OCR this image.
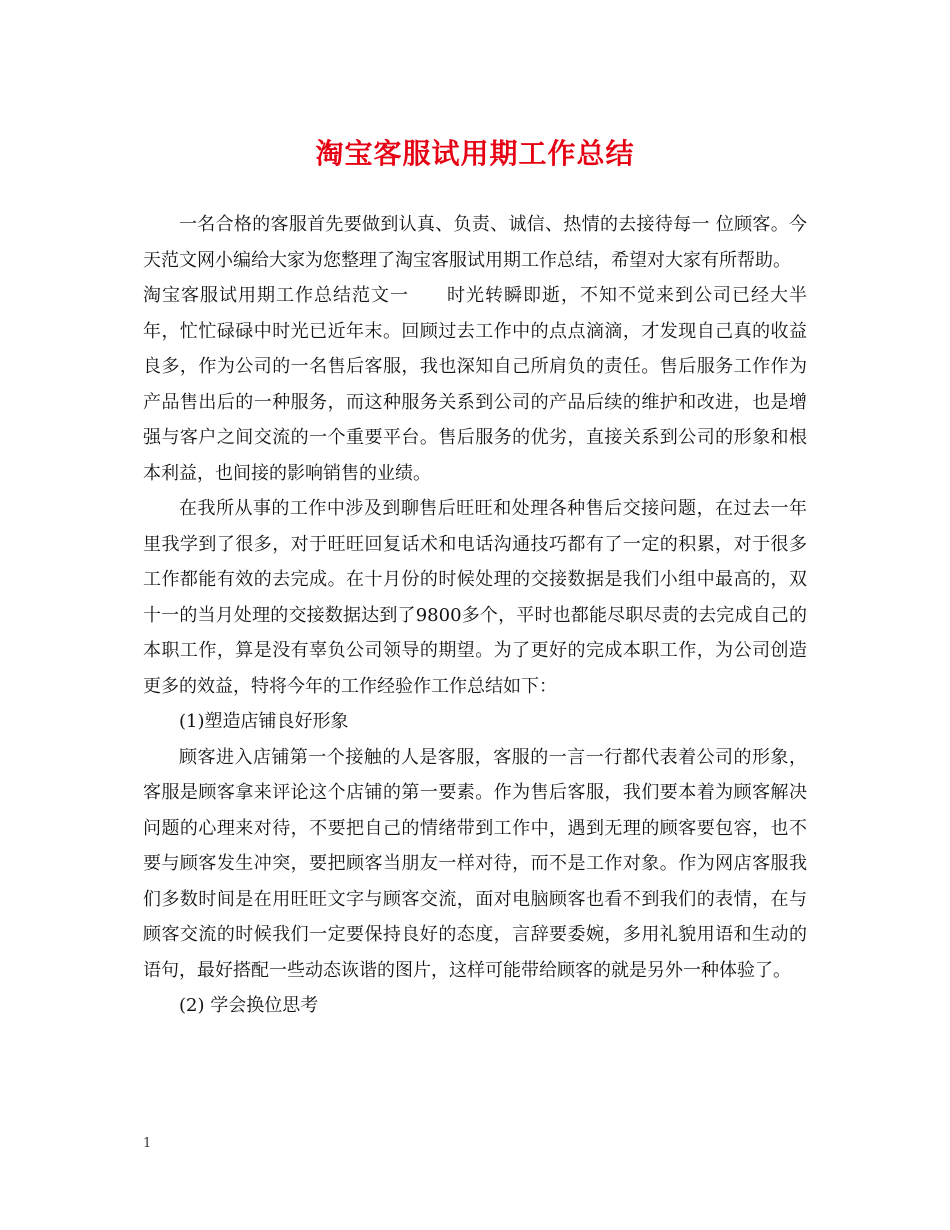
淘宝客服试用期工作总结

一名合格的客服首先要做到认真、负责、诚信、热情的去接待每一 位顾客。今天范文网小编给大家为您整理了淘宝客服试用期工作总结，希望对大家有所帮助。

淘宝客服试用期工作总结范文一　　时光转瞬即逝，不知不觉来到公司已经大半年，忙忙碌碌中时光已近年末。回顾过去工作中的点点滴滴，才发现自己真的收益良多，作为公司的一名售后客服，我也深知自己所肩负的责任。售后服务工作作为产品售出后的一种服务，而这种服务关系到公司的产品后续的维护和改进，也是增强与客户之间交流的一个重要平台。售后服务的优劣，直接关系到公司的形象和根本利益，也间接的影响销售的业绩。

在我所从事的工作中涉及到聊售后旺旺和处理各种售后交接问题，在过去一年里我学到了很多，对于旺旺回复话术和电话沟通技巧都有了一定的积累，对于很多工作都能有效的去完成。在十月份的时候处理的交接数据是我们小组中最高的，双十一的当月处理的交接数据达到了9800多个，平时也都能尽职尽责的去完成自己的本职工作，算是没有辜负公司领导的期望。为了更好的完成本职工作，为公司创造更多的效益，特将今年的工作经验作工作总结如下：

(1)塑造店铺良好形象

顾客进入店铺第一个接触的人是客服，客服的一言一行都代表着公司的形象，客服是顾客拿来评论这个店铺的第一要素。作为售后客服，我们要本着为顾客解决问题的心理来对待，不要把自己的情绪带到工作中，遇到无理的顾客要包容，也不要与顾客发生冲突，要把顾客当朋友一样对待，而不是工作对象。作为网店客服我们多数时间是在用旺旺文字与顾客交流，面对电脑顾客也看不到我们的表情，在与顾客交流的时候我们一定要保持良好的态度，言辞要委婉，多用礼貌用语和生动的语句，最好搭配一些动态诙谐的图片，这样可能带给顾客的就是另外一种体验了。

(2) 学会换位思考

1
